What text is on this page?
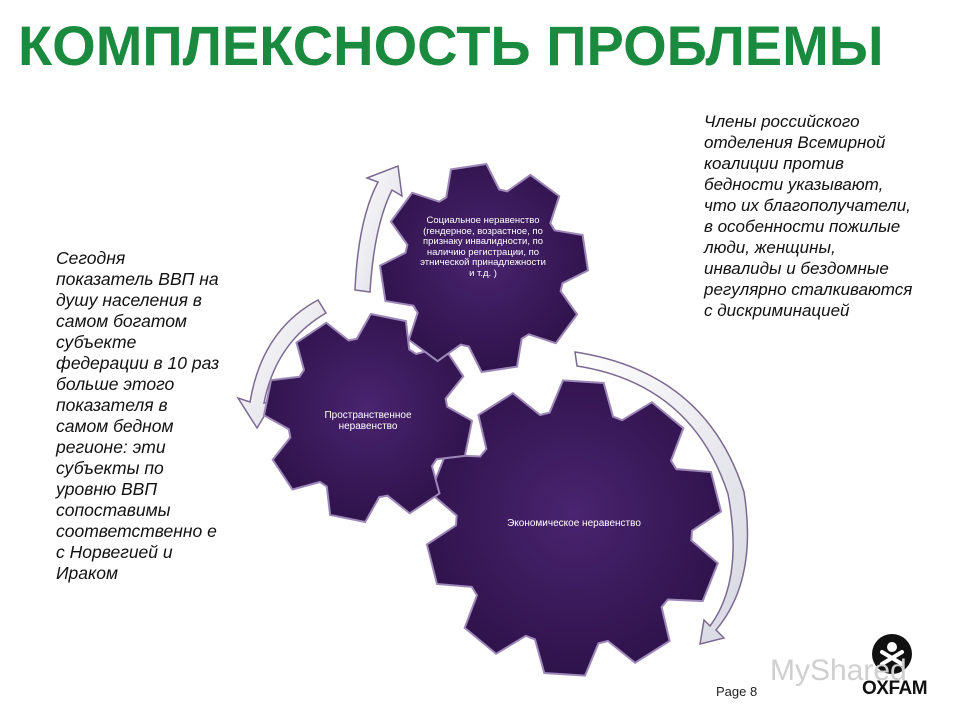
КОМПЛЕКСНОСТЬ ПРОБЛЕМЫ
Социальное неравенство (гендерное, возрастное, по признаку инвалидности, по наличию регистрации, по этнической принадлежности и т.д. )
Пространственное неравенство
Экономическое неравенство
Сегодня показатель ВВП на душу населения в самом богатом субъекте федерации в 10 раз больше этого показателя в самом бедном регионе: эти субъекты по уровню ВВП сопоставимы соответственно е с Норвегией и Ираком
Члены российского отделения Всемирной коалиции против бедности указывают, что их благополучатели, в особенности пожилые люди, женщины, инвалиды и бездомные регулярно сталкиваются с дискриминацией
MyShared
Page 8	OXFAM
